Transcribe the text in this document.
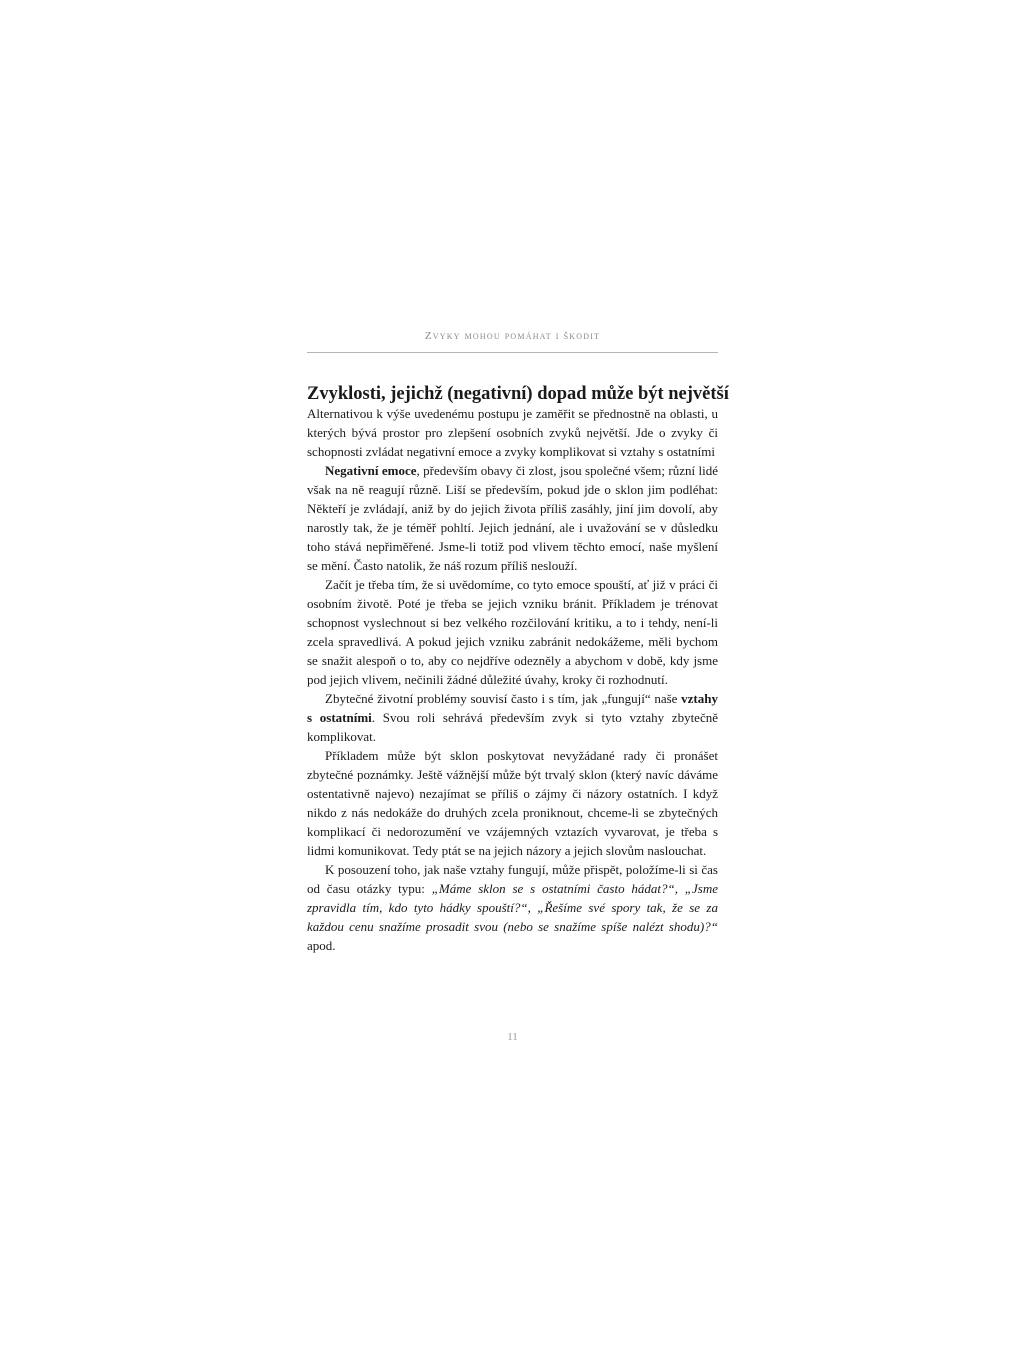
Zvyky mohou pomáhat i škodit
Zvyklosti, jejichž (negativní) dopad může být největší

Alternativou k výše uvedenému postupu je zaměřit se přednostně na oblasti, u kterých bývá prostor pro zlepšení osobních zvyků největší. Jde o zvyky či schopnosti zvládat negativní emoce a zvyky komplikovat si vztahy s ostatními

Negativní emoce, především obavy či zlost, jsou společné všem; různí lidé však na ně reagují různě. Liší se především, pokud jde o sklon jim podléhat: Někteří je zvládají, aniž by do jejich života příliš zasáhly, jiní jim dovolí, aby narostly tak, že je téměř pohltí. Jejich jednání, ale i uvažování se v důsledku toho stává nepřiměřené. Jsme-li totiž pod vlivem těchto emocí, naše myšlení se mění. Často natolik, že náš rozum příliš neslouží.

Začít je třeba tím, že si uvědomíme, co tyto emoce spouští, ať již v práci či osobním životě. Poté je třeba se jejich vzniku bránit. Příkladem je trénovat schopnost vyslechnout si bez velkého rozčilování kritiku, a to i tehdy, není-li zcela spravedlivá. A pokud jejich vzniku zabránit nedokážeme, měli bychom se snažit alespoň o to, aby co nejdříve odezněly a abychom v době, kdy jsme pod jejich vlivem, nečinili žádné důležité úvahy, kroky či rozhodnutí.

Zbytečné životní problémy souvisí často i s tím, jak „fungují“ naše vztahy s ostatními. Svou roli sehrává především zvyk si tyto vztahy zbytečně komplikovat.

Příkladem může být sklon poskytovat nevyžádané rady či pronášet zbytečné poznámky. Ještě vážnější může být trvalý sklon (který navíc dáváme ostentativně najevo) nezajímat se příliš o zájmy či názory ostatních. I když nikdo z nás nedokáže do druhých zcela proniknout, chceme-li se zbytečných komplikací či nedorozumění ve vzájemných vztazích vyvarovat, je třeba s lidmi komunikovat. Tedy ptát se na jejich názory a jejich slovům naslouchat.

K posouzení toho, jak naše vztahy fungují, může přispět, položíme-li si čas od času otázky typu: „Máme sklon se s ostatními často hádat?“, „Jsme zpravidla tím, kdo tyto hádky spouští?“, „Řešíme své spory tak, že se za každou cenu snažíme prosadit svou (nebo se snažíme spíše nalézt shodu)?“ apod.

11
